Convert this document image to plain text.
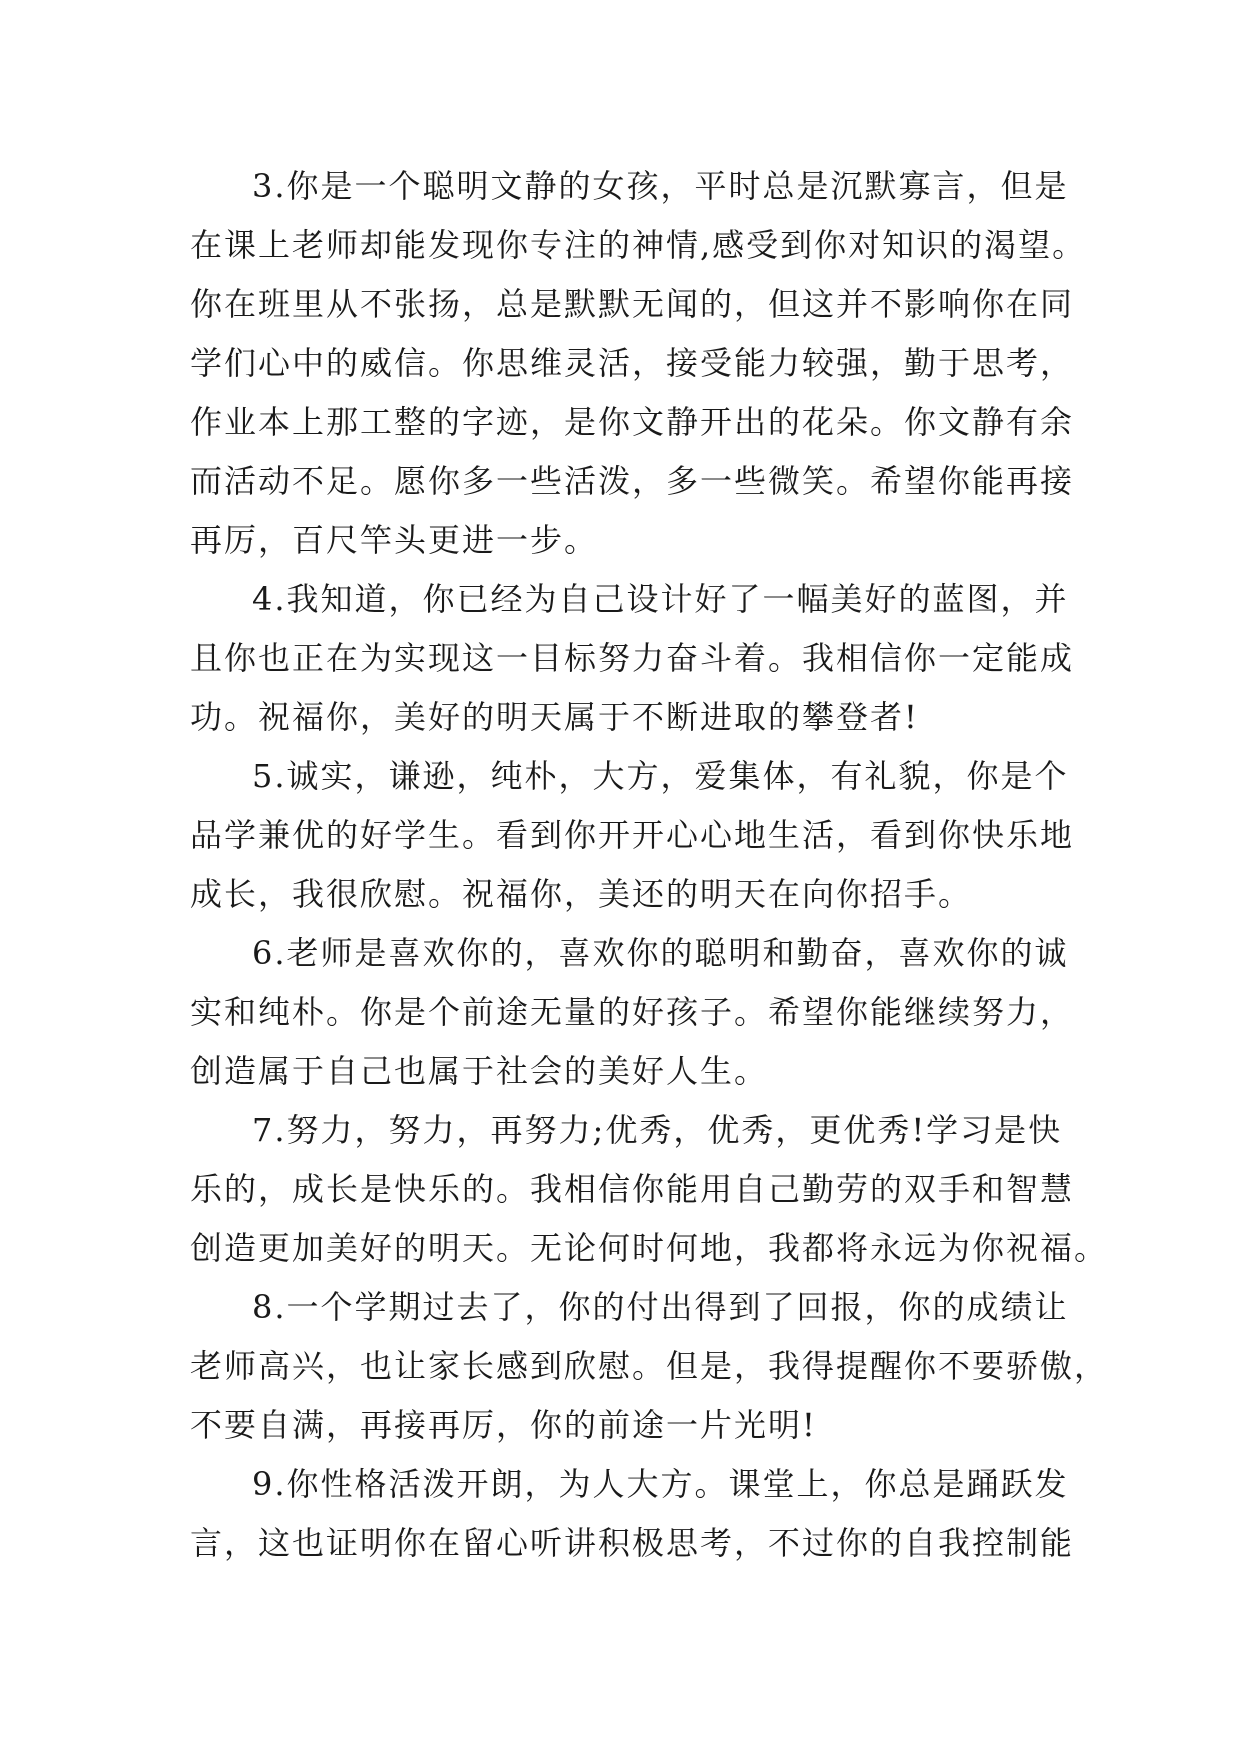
3.你是一个聪明文静的女孩，平时总是沉默寡言，但是
在课上老师却能发现你专注的神情,感受到你对知识的渴望。
你在班里从不张扬，总是默默无闻的，但这并不影响你在同
学们心中的威信。你思维灵活，接受能力较强，勤于思考，
作业本上那工整的字迹，是你文静开出的花朵。你文静有余
而活动不足。愿你多一些活泼，多一些微笑。希望你能再接
再厉，百尺竿头更进一步。
4.我知道，你已经为自己设计好了一幅美好的蓝图，并
且你也正在为实现这一目标努力奋斗着。我相信你一定能成
功。祝福你，美好的明天属于不断进取的攀登者!
5.诚实，谦逊，纯朴，大方，爱集体，有礼貌，你是个
品学兼优的好学生。看到你开开心心地生活，看到你快乐地
成长，我很欣慰。祝福你，美还的明天在向你招手。
6.老师是喜欢你的，喜欢你的聪明和勤奋，喜欢你的诚
实和纯朴。你是个前途无量的好孩子。希望你能继续努力，
创造属于自己也属于社会的美好人生。
7.努力，努力，再努力;优秀，优秀，更优秀!学习是快
乐的，成长是快乐的。我相信你能用自己勤劳的双手和智慧
创造更加美好的明天。无论何时何地，我都将永远为你祝福。
8.一个学期过去了，你的付出得到了回报，你的成绩让
老师高兴，也让家长感到欣慰。但是，我得提醒你不要骄傲，
不要自满，再接再厉，你的前途一片光明!
9.你性格活泼开朗，为人大方。课堂上，你总是踊跃发
言，这也证明你在留心听讲积极思考，不过你的自我控制能
